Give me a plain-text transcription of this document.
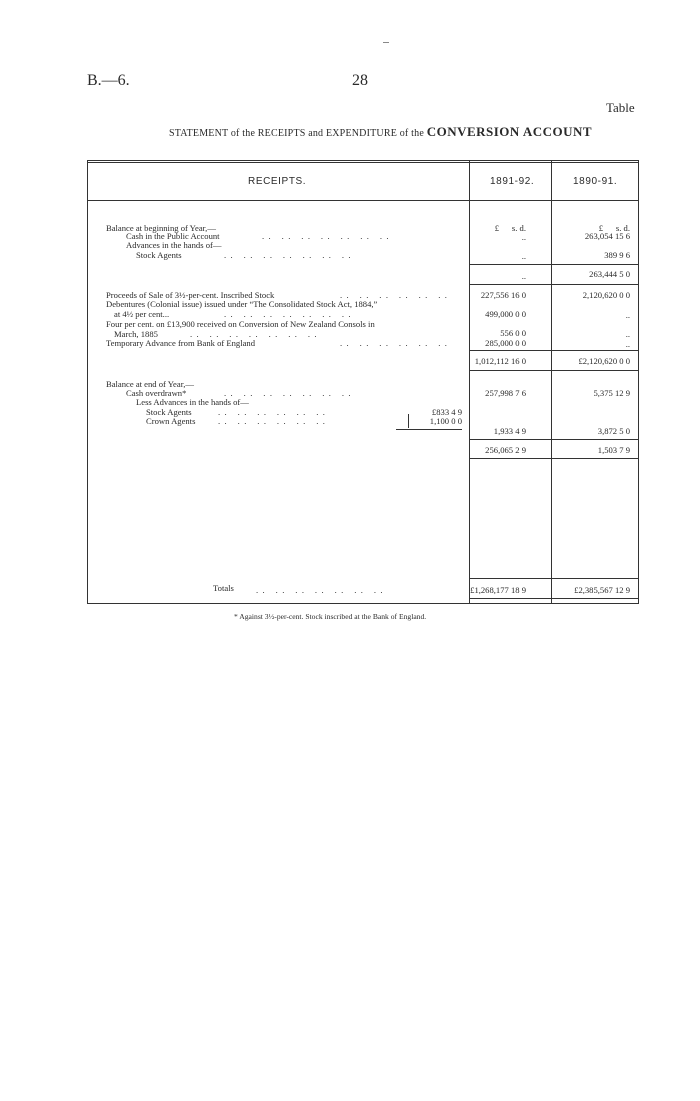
B.—6.	28
Table
STATEMENT of the RECEIPTS and EXPENDITURE of the CONVERSION ACCOUNT
RECEIPTS.	1891-92.	1890-91.
£ s. d.	£ s. d.
Balance at beginning of Year,—
Cash in the Public Account	.. .. .. .. .. .. ..	..	263,054 15 6
Advances in the hands of—
Stock Agents	.. .. .. .. .. .. ..	..	389 9 6
..	263,444 5 0
Proceeds of Sale of 3½-per-cent. Inscribed Stock	.. .. .. .. .. ..	227,556 16 0	2,120,620 0 0
Debentures (Colonial issue) issued under “The Consolidated Stock Act, 1884,”
at 4½ per cent...	.. .. .. .. .. .. ..	499,000 0 0	..
Four per cent. on £13,900 received on Conversion of New Zealand Consols in
March, 1885	.. .. .. .. .. .. ..	556 0 0	..
Temporary Advance from Bank of England	.. .. .. .. .. ..	285,000 0 0	..
1,012,112 16 0	£2,120,620 0 0
Balance at end of Year,—
Cash overdrawn*	.. .. .. .. .. .. ..	257,998 7 6	5,375 12 9
Less Advances in the hands of—
Stock Agents	.. .. .. .. .. ..	£833 4 9
Crown Agents	.. .. .. .. .. ..	1,100 0 0
1,933 4 9	3,872 5 0
256,065 2 9	1,503 7 9
Totals	.. .. .. .. .. .. ..	£1,268,177 18 9	£2,385,567 12 9
* Against 3½-per-cent. Stock inscribed at the Bank of England.
